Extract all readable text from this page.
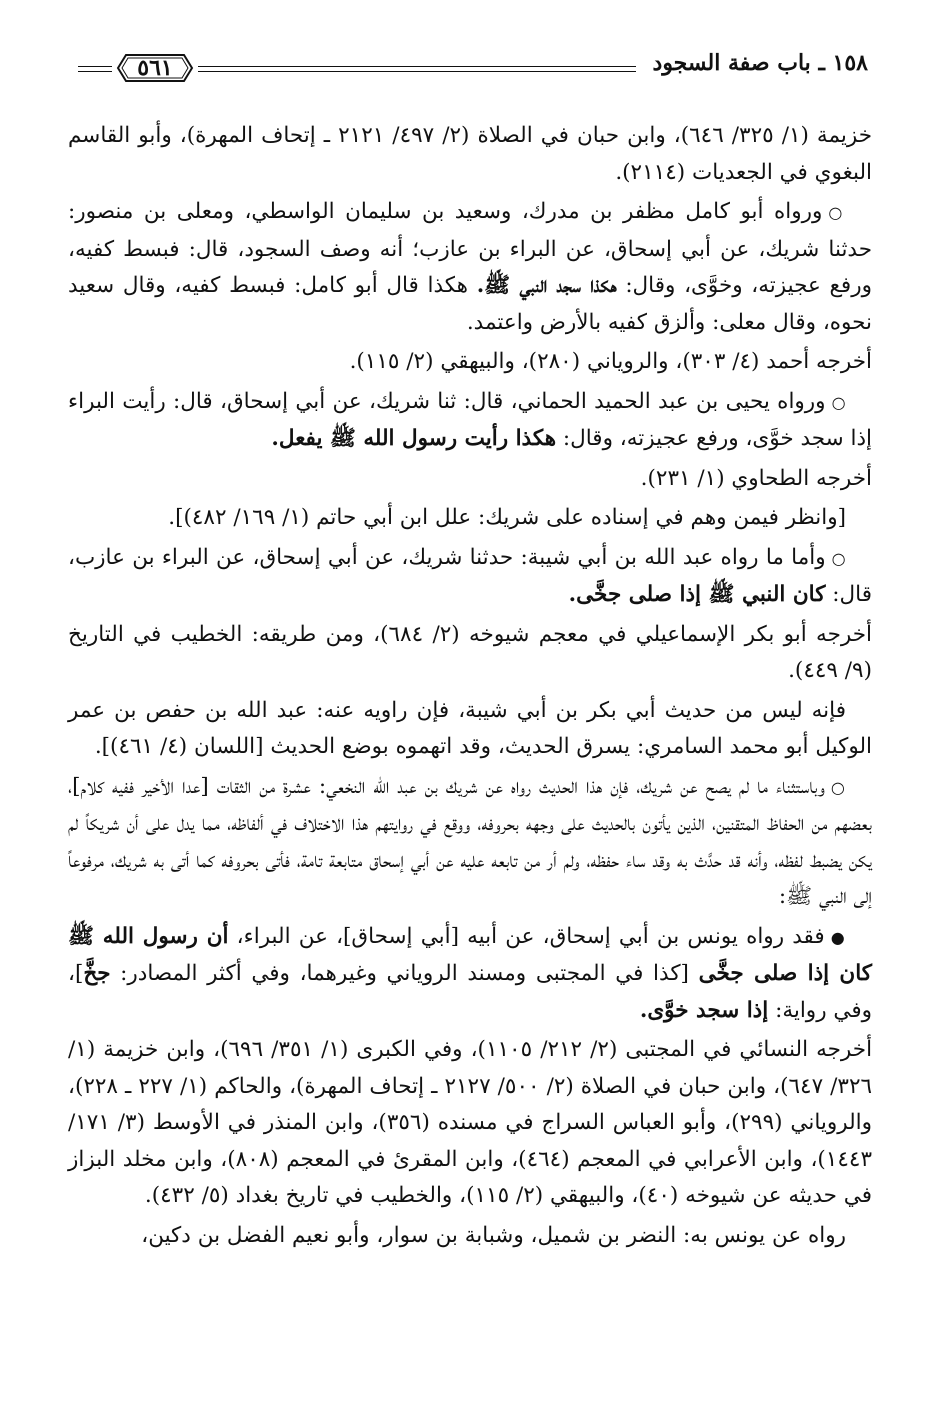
٥٦١	١٥٨ ـ باب صفة السجود

خزيمة (١/ ٣٢٥/ ٦٤٦)، وابن حبان في الصلاة (٢/ ٤٩٧/ ٢١٢١ ـ إتحاف المهرة)، وأبو القاسم البغوي في الجعديات (٢١١٤).

○ورواه أبو كامل مظفر بن مدرك، وسعيد بن سليمان الواسطي، ومعلى بن منصور: حدثنا شريك، عن أبي إسحاق، عن البراء بن عازب؛ أنه وصف السجود، قال: فبسط كفيه، ورفع عجيزته، وخوَّى، وقال: هكذا سجد النبي ﷺ. هكذا قال أبو كامل: فبسط كفيه، وقال سعيد نحوه، وقال معلى: وألزق كفيه بالأرض واعتمد.

أخرجه أحمد (٤/ ٣٠٣)، والروياني (٢٨٠)، والبيهقي (٢/ ١١٥).

○ورواه يحيى بن عبد الحميد الحماني، قال: ثنا شريك، عن أبي إسحاق، قال: رأيت البراء إذا سجد خوَّى، ورفع عجيزته، وقال: هكذا رأيت رسول الله ﷺ يفعل.

أخرجه الطحاوي (١/ ٢٣١).

[وانظر فيمن وهم في إسناده على شريك: علل ابن أبي حاتم (١/ ١٦٩/ ٤٨٢)].

○وأما ما رواه عبد الله بن أبي شيبة: حدثنا شريك، عن أبي إسحاق، عن البراء بن عازب، قال: كان النبي ﷺ إذا صلى جخَّى.

أخرجه أبو بكر الإسماعيلي في معجم شيوخه (٢/ ٦٨٤)، ومن طريقه: الخطيب في التاريخ (٩/ ٤٤٩).

فإنه ليس من حديث أبي بكر بن أبي شيبة، فإن راويه عنه: عبد الله بن حفص بن عمر الوكيل أبو محمد السامري: يسرق الحديث، وقد اتهموه بوضع الحديث [اللسان (٤/ ٤٦١)].

○وباستثناء ما لم يصح عن شريك، فإن هذا الحديث رواه عن شريك بن عبد الله النخعي: عشرة من الثقات [عدا الأخير ففيه كلام]، بعضهم من الحفاظ المتقنين، الذين يأتون بالحديث على وجهه بحروفه، ووقع في روايتهم هذا الاختلاف في ألفاظه، مما يدل على أن شريكاً لم يكن يضبط لفظه، وأنه قد حدَّث به وقد ساء حفظه، ولم أر من تابعه عليه عن أبي إسحاق متابعة تامة، فأتى بحروفه كما أتى به شريك، مرفوعاً إلى النبي ﷺ:

●فقد رواه يونس بن أبي إسحاق، عن أبيه [أبي إسحاق]، عن البراء، أن رسول الله ﷺ كان إذا صلى جخَّى [كذا في المجتبى ومسند الروياني وغيرهما، وفي أكثر المصادر: جخَّ]، وفي رواية: إذا سجد خوَّى.

أخرجه النسائي في المجتبى (٢/ ٢١٢/ ١١٠٥)، وفي الكبرى (١/ ٣٥١/ ٦٩٦)، وابن خزيمة (١/ ٣٢٦/ ٦٤٧)، وابن حبان في الصلاة (٢/ ٥٠٠/ ٢١٢٧ ـ إتحاف المهرة)، والحاكم (١/ ٢٢٧ ـ ٢٢٨)، والروياني (٢٩٩)، وأبو العباس السراج في مسنده (٣٥٦)، وابن المنذر في الأوسط (٣/ ١٧١/ ١٤٤٣)، وابن الأعرابي في المعجم (٤٦٤)، وابن المقرئ في المعجم (٨٠٨)، وابن مخلد البزاز في حديثه عن شيوخه (٤٠)، والبيهقي (٢/ ١١٥)، والخطيب في تاريخ بغداد (٥/ ٤٣٢).

رواه عن يونس به: النضر بن شميل، وشبابة بن سوار، وأبو نعيم الفضل بن دكين،
